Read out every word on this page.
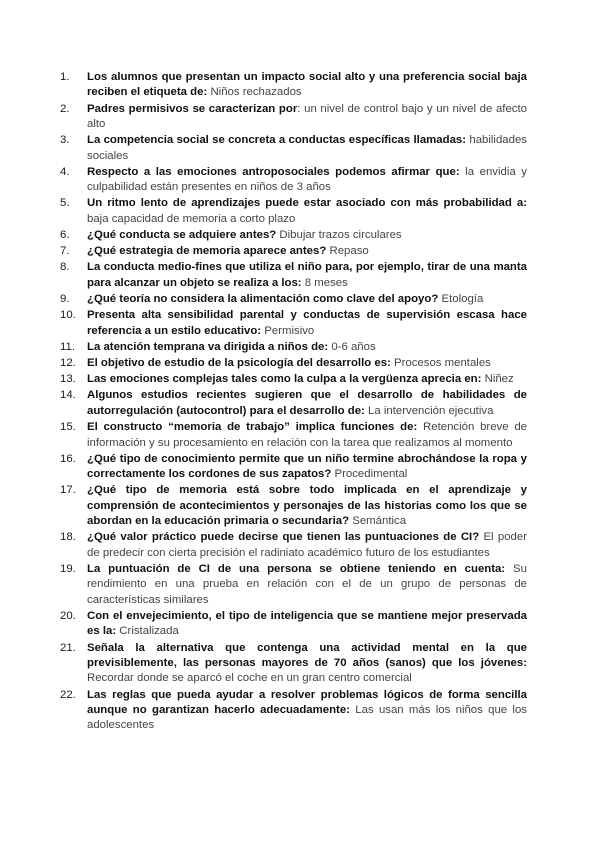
1. Los alumnos que presentan un impacto social alto y una preferencia social baja reciben el etiqueta de: Niños rechazados
2. Padres permisivos se caracterizan por: un nivel de control bajo y un nivel de afecto alto
3. La competencia social se concreta a conductas específicas llamadas: habilidades sociales
4. Respecto a las emociones antroposociales podemos afirmar que: la envidia y culpabilidad están presentes en niños de 3 años
5. Un ritmo lento de aprendizajes puede estar asociado con más probabilidad a: baja capacidad de memoria a corto plazo
6. ¿Qué conducta se adquiere antes? Dibujar trazos circulares
7. ¿Qué estrategia de memoria aparece antes? Repaso
8. La conducta medio-fines que utiliza el niño para, por ejemplo, tirar de una manta para alcanzar un objeto se realiza a los: 8 meses
9. ¿Qué teoría no considera la alimentación como clave del apoyo? Etología
10. Presenta alta sensibilidad parental y conductas de supervisión escasa hace referencia a un estilo educativo: Permisivo
11. La atención temprana va dirigida a niños de: 0-6 años
12. El objetivo de estudio de la psicología del desarrollo es: Procesos mentales
13. Las emociones complejas tales como la culpa a la vergüenza aprecia en: Niñez
14. Algunos estudios recientes sugieren que el desarrollo de habilidades de autorregulación (autocontrol) para el desarrollo de: La intervención ejecutiva
15. El constructo “memoria de trabajo” implica funciones de: Retención breve de información y su procesamiento en relación con la tarea que realizamos al momento
16. ¿Qué tipo de conocimiento permite que un niño termine abrochándose la ropa y correctamente los cordones de sus zapatos? Procedimental
17. ¿Qué tipo de memoria está sobre todo implicada en el aprendizaje y comprensión de acontecimientos y personajes de las historias como los que se abordan en la educación primaria o secundaria? Semántica
18. ¿Qué valor práctico puede decirse que tienen las puntuaciones de CI? El poder de predecir con cierta precisión el radiniato académico futuro de los estudiantes
19. La puntuación de CI de una persona se obtiene teniendo en cuenta: Su rendimiento en una prueba en relación con el de un grupo de personas de características similares
20. Con el envejecimiento, el tipo de inteligencia que se mantiene mejor preservada es la: Cristalizada
21. Señala la alternativa que contenga una actividad mental en la que previsiblemente, las personas mayores de 70 años (sanos) que los jóvenes: Recordar donde se aparcó el coche en un gran centro comercial
22. Las reglas que pueda ayudar a resolver problemas lógicos de forma sencilla aunque no garantizan hacerlo adecuadamente: Las usan más los niños que los adolescentes
